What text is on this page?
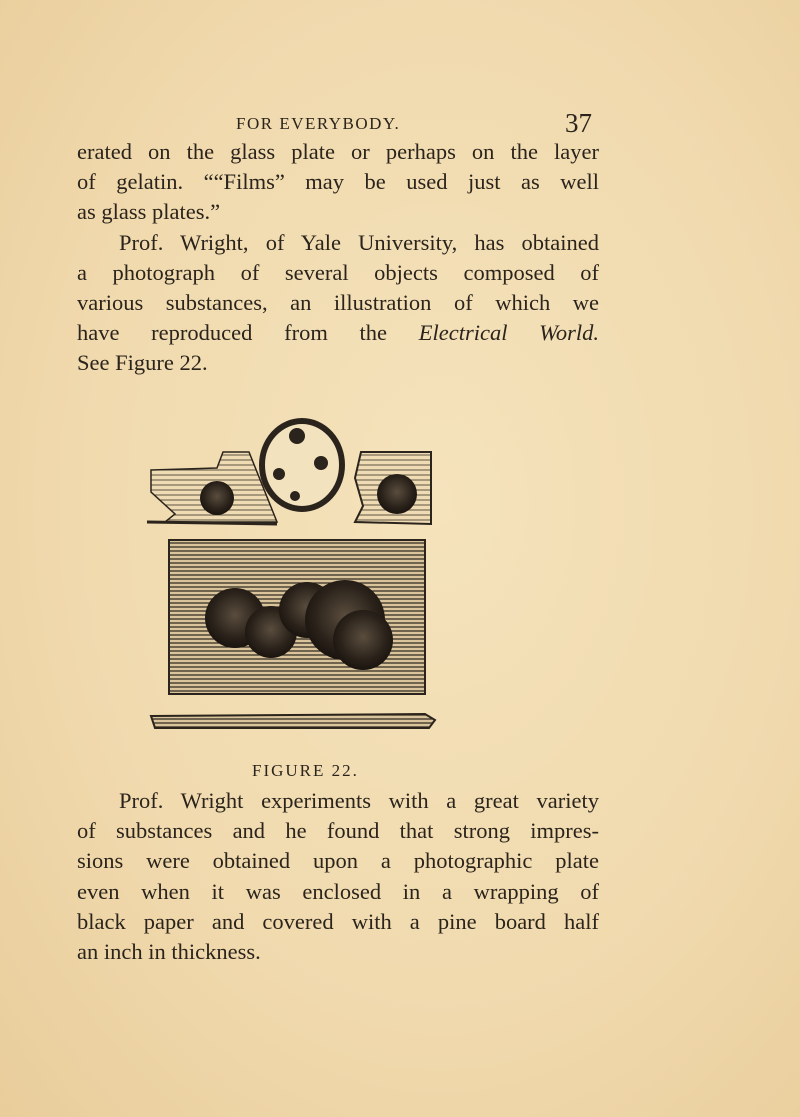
FOR EVERYBODY.	37
erated on the glass plate or perhaps on the layer
of gelatin. ““Films” may be used just as well
as glass plates.”
Prof. Wright, of Yale University, has obtained
a photograph of several objects composed of
various substances, an illustration of which we
have reproduced from the Electrical World.
See Figure 22.
FIGURE 22.
Prof. Wright experiments with a great variety
of substances and he found that strong impres-
sions were obtained upon a photographic plate
even when it was enclosed in a wrapping of
black paper and covered with a pine board half
an inch in thickness.
